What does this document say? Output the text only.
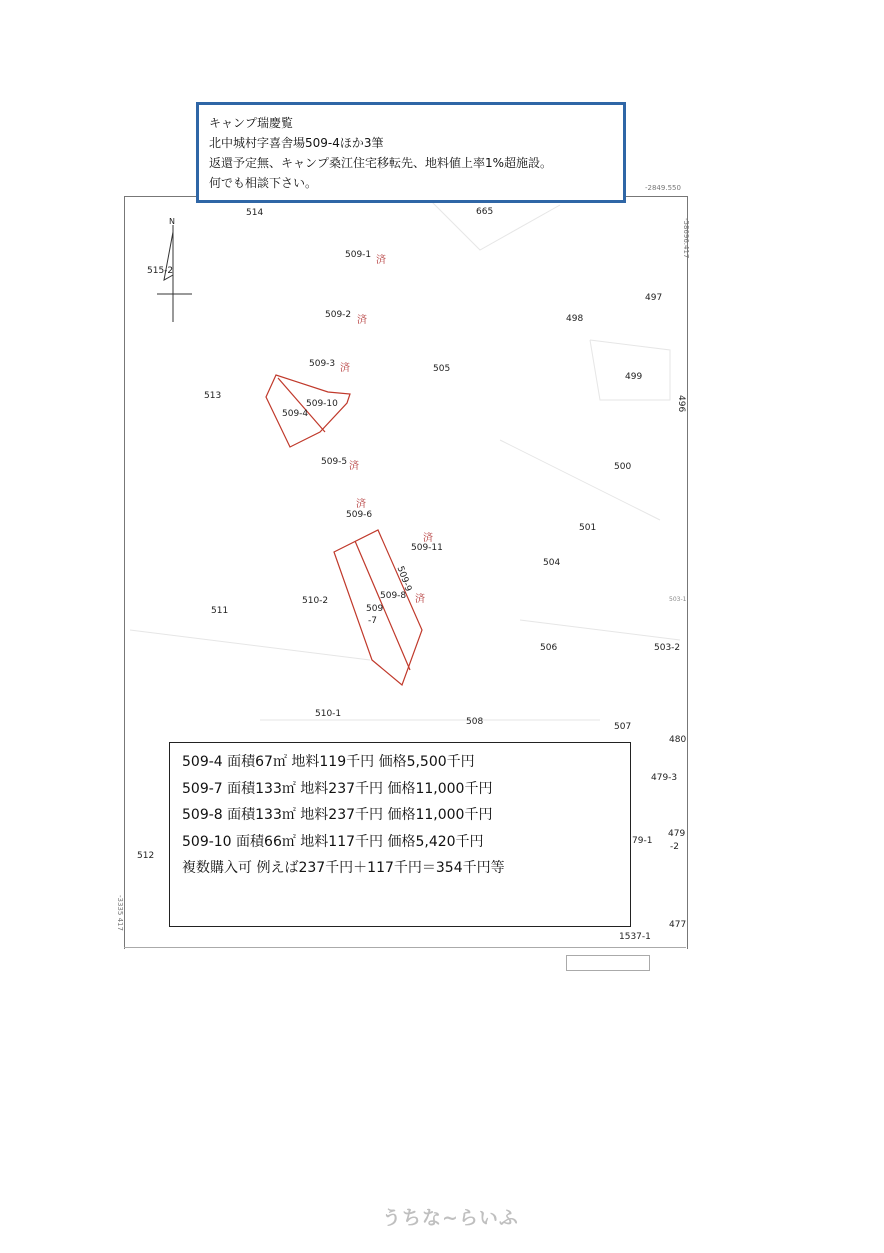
N
-2849.550
-58696.417
-3335 417
514	665
509-1 済
515-2
497
509-2 済	498
509-3 済	505
499
513
509-10
509-4
496
509-5 済	500
済
509-6
501
済
509-11
504
509-9
済
509-8
510-2	503-1
509
-7
511
506	503-2
510-1
508	507
480
479-3
79-1
479
-2
512
477
1537-1
キャンプ瑞慶覧
北中城村字喜舎場509-4ほか3筆
返還予定無、キャンプ桑江住宅移転先、地料値上率1%超施設。
何でも相談下さい。
509-4 面積67㎡ 地料119千円 価格5,500千円
509-7 面積133㎡ 地料237千円 価格11,000千円
509-8 面積133㎡ 地料237千円 価格11,000千円
509-10 面積66㎡ 地料117千円 価格5,420千円
複数購入可 例えば237千円＋117千円＝354千円等
うちな~らいふ
